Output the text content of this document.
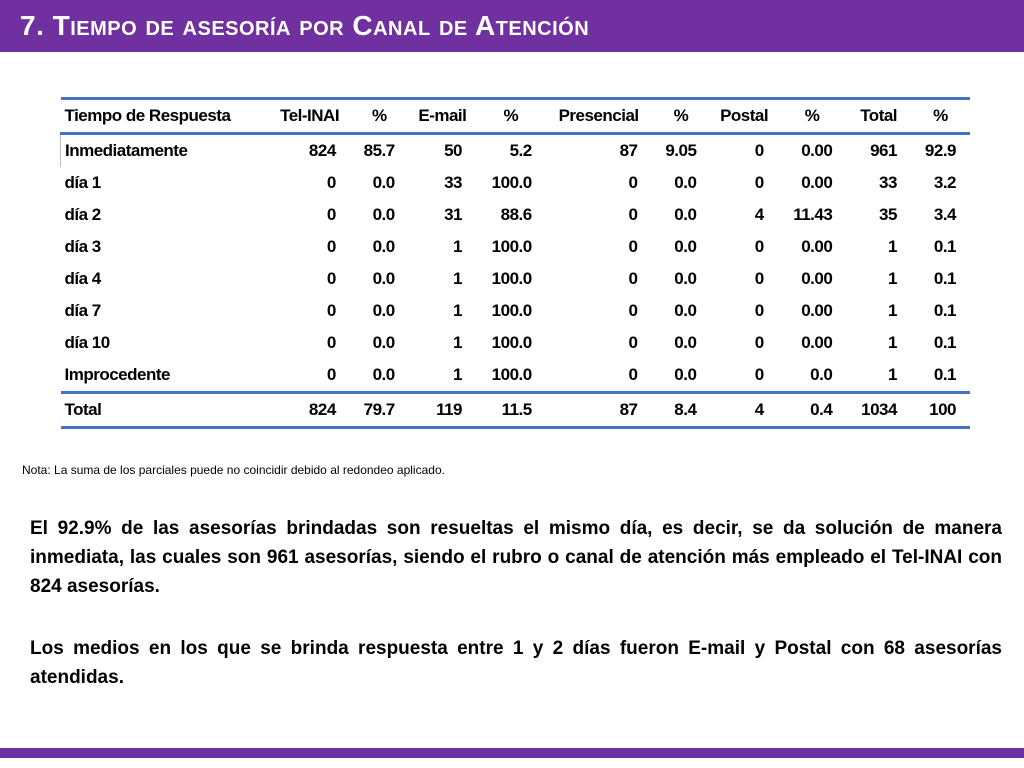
7. Tiempo de asesoría por Canal de Atención
Tiempo de Respuesta	Tel-INAI	%	E-mail	%	Presencial	%	Postal	%	Total	%
Inmediatamente	824	85.7	50	5.2	87	9.05	0	0.00	961	92.9
día 1	0	0.0	33	100.0	0	0.0	0	0.00	33	3.2
día 2	0	0.0	31	88.6	0	0.0	4	11.43	35	3.4
día 3	0	0.0	1	100.0	0	0.0	0	0.00	1	0.1
día 4	0	0.0	1	100.0	0	0.0	0	0.00	1	0.1
día 7	0	0.0	1	100.0	0	0.0	0	0.00	1	0.1
día 10	0	0.0	1	100.0	0	0.0	0	0.00	1	0.1
Improcedente	0	0.0	1	100.0	0	0.0	0	0.0	1	0.1
Total	824	79.7	119	11.5	87	8.4	4	0.4	1034	100
Nota: La suma de los parciales puede no coincidir debido al redondeo aplicado.

El 92.9% de las asesorías brindadas son resueltas el mismo día, es decir, se da solución de manera inmediata, las cuales son 961 asesorías, siendo el rubro o canal de atención más empleado el Tel-INAI con 824 asesorías.

Los medios en los que se brinda respuesta entre 1 y 2 días fueron E-mail y Postal con 68 asesorías atendidas.
